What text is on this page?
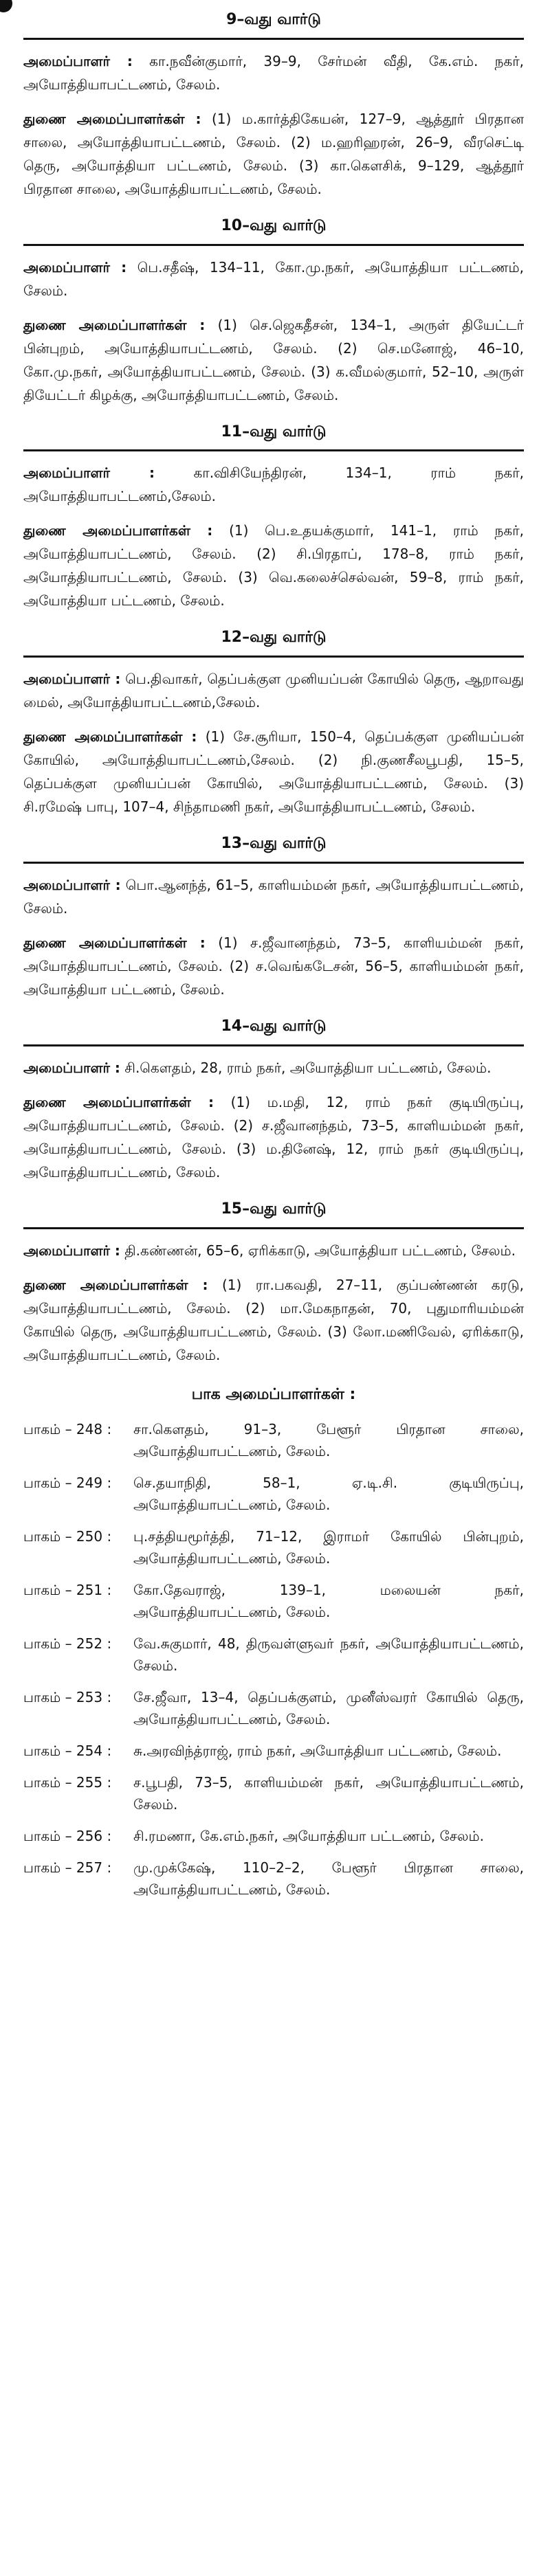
9–வது வார்டு

அமைப்பாளர் : கா.நவீன்குமார், 39–9, சேர்மன் வீதி, கே.எம். நகர், அயோத்தியாபட்டணம், சேலம்.

துணை அமைப்பாளர்கள் : (1) ம.கார்த்திகேயன், 127–9, ஆத்தூர் பிரதான சாலை, அயோத்தியாபட்டணம், சேலம். (2) ம.ஹரிஹரன், 26–9, வீரசெட்டி தெரு, அயோத்தியா பட்டணம், சேலம். (3) கா.கௌசிக், 9–129, ஆத்தூர் பிரதான சாலை, அயோத்தியாபட்டணம், சேலம்.

10–வது வார்டு

அமைப்பாளர் : பெ.சதீஷ், 134–11, கோ.மு.நகர், அயோத்தியா பட்டணம், சேலம்.

துணை அமைப்பாளர்கள் : (1) செ.ஜெகதீசன், 134–1, அருள் தியேட்டர் பின்புறம், அயோத்தியாபட்டணம், சேலம். (2) செ.மனோஜ், 46–10, கோ.மு.நகர், அயோத்தியாபட்டணம், சேலம். (3) க.வீமல்குமார், 52–10, அருள் தியேட்டர் கிழக்கு, அயோத்தியாபட்டணம், சேலம்.

11–வது வார்டு

அமைப்பாளர் :	கா.விசியேந்திரன், 134–1, ராம் நகர், அயோத்தியாபட்டணம்,சேலம்.

துணை அமைப்பாளர்கள் : (1) பெ.உதயக்குமார், 141–1, ராம் நகர், அயோத்தியாபட்டணம், சேலம். (2) சி.பிரதாப், 178–8, ராம் நகர், அயோத்தியாபட்டணம், சேலம். (3) வெ.கலைச்செல்வன், 59–8, ராம் நகர், அயோத்தியா பட்டணம், சேலம்.

12–வது வார்டு

அமைப்பாளர் : பெ.திவாகர், தெப்பக்குள முனியப்பன் கோயில் தெரு, ஆறாவது மைல், அயோத்தியாபட்டணம்,சேலம்.

துணை அமைப்பாளர்கள் : (1) சே.சூரியா, 150–4, தெப்பக்குள முனியப்பன் கோயில், அயோத்தியாபட்டணம்,சேலம். (2) நி.குணசீலபூபதி, 15–5, தெப்பக்குள முனியப்பன் கோயில், அயோத்தியாபட்டணம், சேலம். (3) சி.ரமேஷ் பாபு, 107–4, சிந்தாமணி நகர், அயோத்தியாபட்டணம், சேலம்.

13–வது வார்டு

அமைப்பாளர் : பொ.ஆனந்த், 61–5, காளியம்மன் நகர், அயோத்தியாபட்டணம், சேலம்.

துணை அமைப்பாளர்கள் : (1) ச.ஜீவானந்தம், 73–5, காளியம்மன் நகர், அயோத்தியாபட்டணம், சேலம். (2) ச.வெங்கடேசன், 56–5, காளியம்மன் நகர், அயோத்தியா பட்டணம், சேலம்.

14–வது வார்டு

அமைப்பாளர் : சி.கௌதம், 28, ராம் நகர், அயோத்தியா பட்டணம், சேலம்.

துணை அமைப்பாளர்கள் : (1) ம.மதி, 12, ராம் நகர் குடியிருப்பு, அயோத்தியாபட்டணம், சேலம். (2) ச.ஜீவானந்தம், 73–5, காளியம்மன் நகர், அயோத்தியாபட்டணம், சேலம். (3) ம.தினேஷ், 12, ராம் நகர் குடியிருப்பு, அயோத்தியாபட்டணம், சேலம்.

15–வது வார்டு

அமைப்பாளர் : தி.கண்ணன், 65–6, ஏரிக்காடு, அயோத்தியா பட்டணம், சேலம்.

துணை அமைப்பாளர்கள் : (1) ரா.பகவதி, 27–11, குப்பண்ணன் கரடு, அயோத்தியாபட்டணம், சேலம். (2) மா.மேகநாதன், 70, புதுமாரியம்மன் கோயில் தெரு, அயோத்தியாபட்டணம், சேலம். (3) லோ.மணிவேல், ஏரிக்காடு, அயோத்தியாபட்டணம், சேலம்.

பாக அமைப்பாளர்கள் :
பாகம் – 248 :	சா.கௌதம், 91–3, பேளூர் பிரதான சாலை, அயோத்தியாபட்டணம், சேலம்.
பாகம் – 249 :	செ.தயாநிதி, 58–1, ஏ.டி.சி. குடியிருப்பு, அயோத்தியாபட்டணம், சேலம்.
பாகம் – 250 :	பு.சத்தியமூர்த்தி, 71–12, இராமர் கோயில் பின்புறம், அயோத்தியாபட்டணம், சேலம்.
பாகம் – 251 :	கோ.தேவராஜ், 139–1, மலையன் நகர், அயோத்தியாபட்டணம், சேலம்.
பாகம் – 252 :	வே.சுகுமார், 48, திருவள்ளுவர் நகர், அயோத்தியாபட்டணம், சேலம்.
பாகம் – 253 :	சே.ஜீவா, 13–4, தெப்பக்குளம், முனீஸ்வரர் கோயில் தெரு, அயோத்தியாபட்டணம், சேலம்.
பாகம் – 254 :	சு.அரவிந்த்ராஜ், ராம் நகர், அயோத்தியா பட்டணம், சேலம்.
பாகம் – 255 :	ச.பூபதி, 73–5, காளியம்மன் நகர், அயோத்தியாபட்டணம், சேலம்.
பாகம் – 256 :	சி.ரமணா, கே.எம்.நகர், அயோத்தியா பட்டணம், சேலம்.
பாகம் – 257 :	மு.முக்கேஷ், 110–2–2, பேளூர் பிரதான சாலை, அயோத்தியாபட்டணம், சேலம்.
